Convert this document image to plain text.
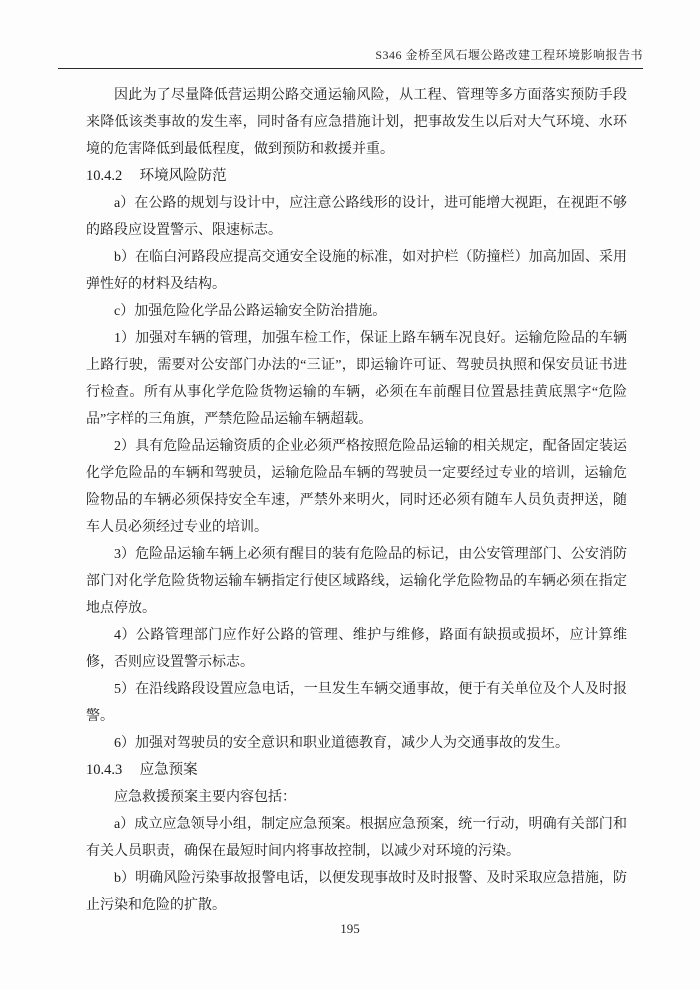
S346 金桥至风石堰公路改建工程环境影响报告书

因此为了尽量降低营运期公路交通运输风险，从工程、管理等多方面落实预防手段来降低该类事故的发生率，同时备有应急措施计划，把事故发生以后对大气环境、水环境的危害降低到最低程度，做到预防和救援并重。

10.4.2 环境风险防范

a）在公路的规划与设计中，应注意公路线形的设计，进可能增大视距，在视距不够的路段应设置警示、限速标志。

b）在临白河路段应提高交通安全设施的标准，如对护栏（防撞栏）加高加固、采用弹性好的材料及结构。

c）加强危险化学品公路运输安全防治措施。

1）加强对车辆的管理，加强车检工作，保证上路车辆车况良好。运输危险品的车辆上路行驶，需要对公安部门办法的“三证”，即运输许可证、驾驶员执照和保安员证书进行检查。所有从事化学危险货物运输的车辆，必须在车前醒目位置悬挂黄底黑字“危险品”字样的三角旗，严禁危险品运输车辆超载。

2）具有危险品运输资质的企业必须严格按照危险品运输的相关规定，配备固定装运化学危险品的车辆和驾驶员，运输危险品车辆的驾驶员一定要经过专业的培训，运输危险物品的车辆必须保持安全车速，严禁外来明火，同时还必须有随车人员负责押送，随车人员必须经过专业的培训。

3）危险品运输车辆上必须有醒目的装有危险品的标记，由公安管理部门、公安消防部门对化学危险货物运输车辆指定行使区域路线，运输化学危险物品的车辆必须在指定地点停放。

4）公路管理部门应作好公路的管理、维护与维修，路面有缺损或损坏，应计算维修，否则应设置警示标志。

5）在沿线路段设置应急电话，一旦发生车辆交通事故，便于有关单位及个人及时报警。

6）加强对驾驶员的安全意识和职业道德教育，减少人为交通事故的发生。

10.4.3 应急预案

应急救援预案主要内容包括：

a）成立应急领导小组，制定应急预案。根据应急预案，统一行动，明确有关部门和有关人员职责，确保在最短时间内将事故控制，以减少对环境的污染。

b）明确风险污染事故报警电话，以便发现事故时及时报警、及时采取应急措施，防止污染和危险的扩散。

195
